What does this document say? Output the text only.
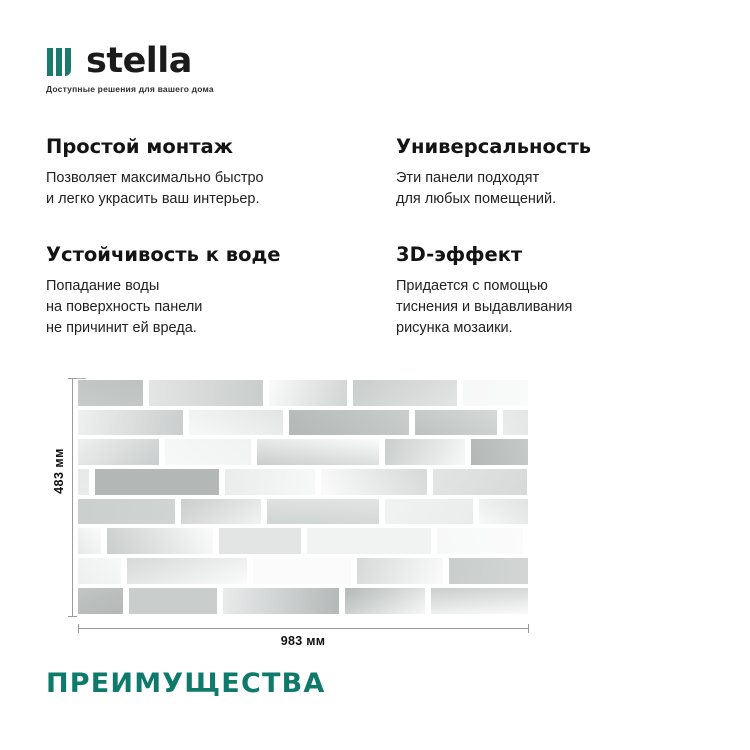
stella
Доступные решения для вашего дома

Простой монтаж

Позволяет максимально быстро
и легко украсить ваш интерьер.

Универсальность

Эти панели подходят
для любых помещений.

Устойчивость к воде

Попадание воды
на поверхность панели
не причинит ей вреда.

3D-эффект

Придается с помощью
тиснения и выдавливания
рисунка мозаики.

483 мм
983 мм
ПРЕИМУЩЕСТВА
